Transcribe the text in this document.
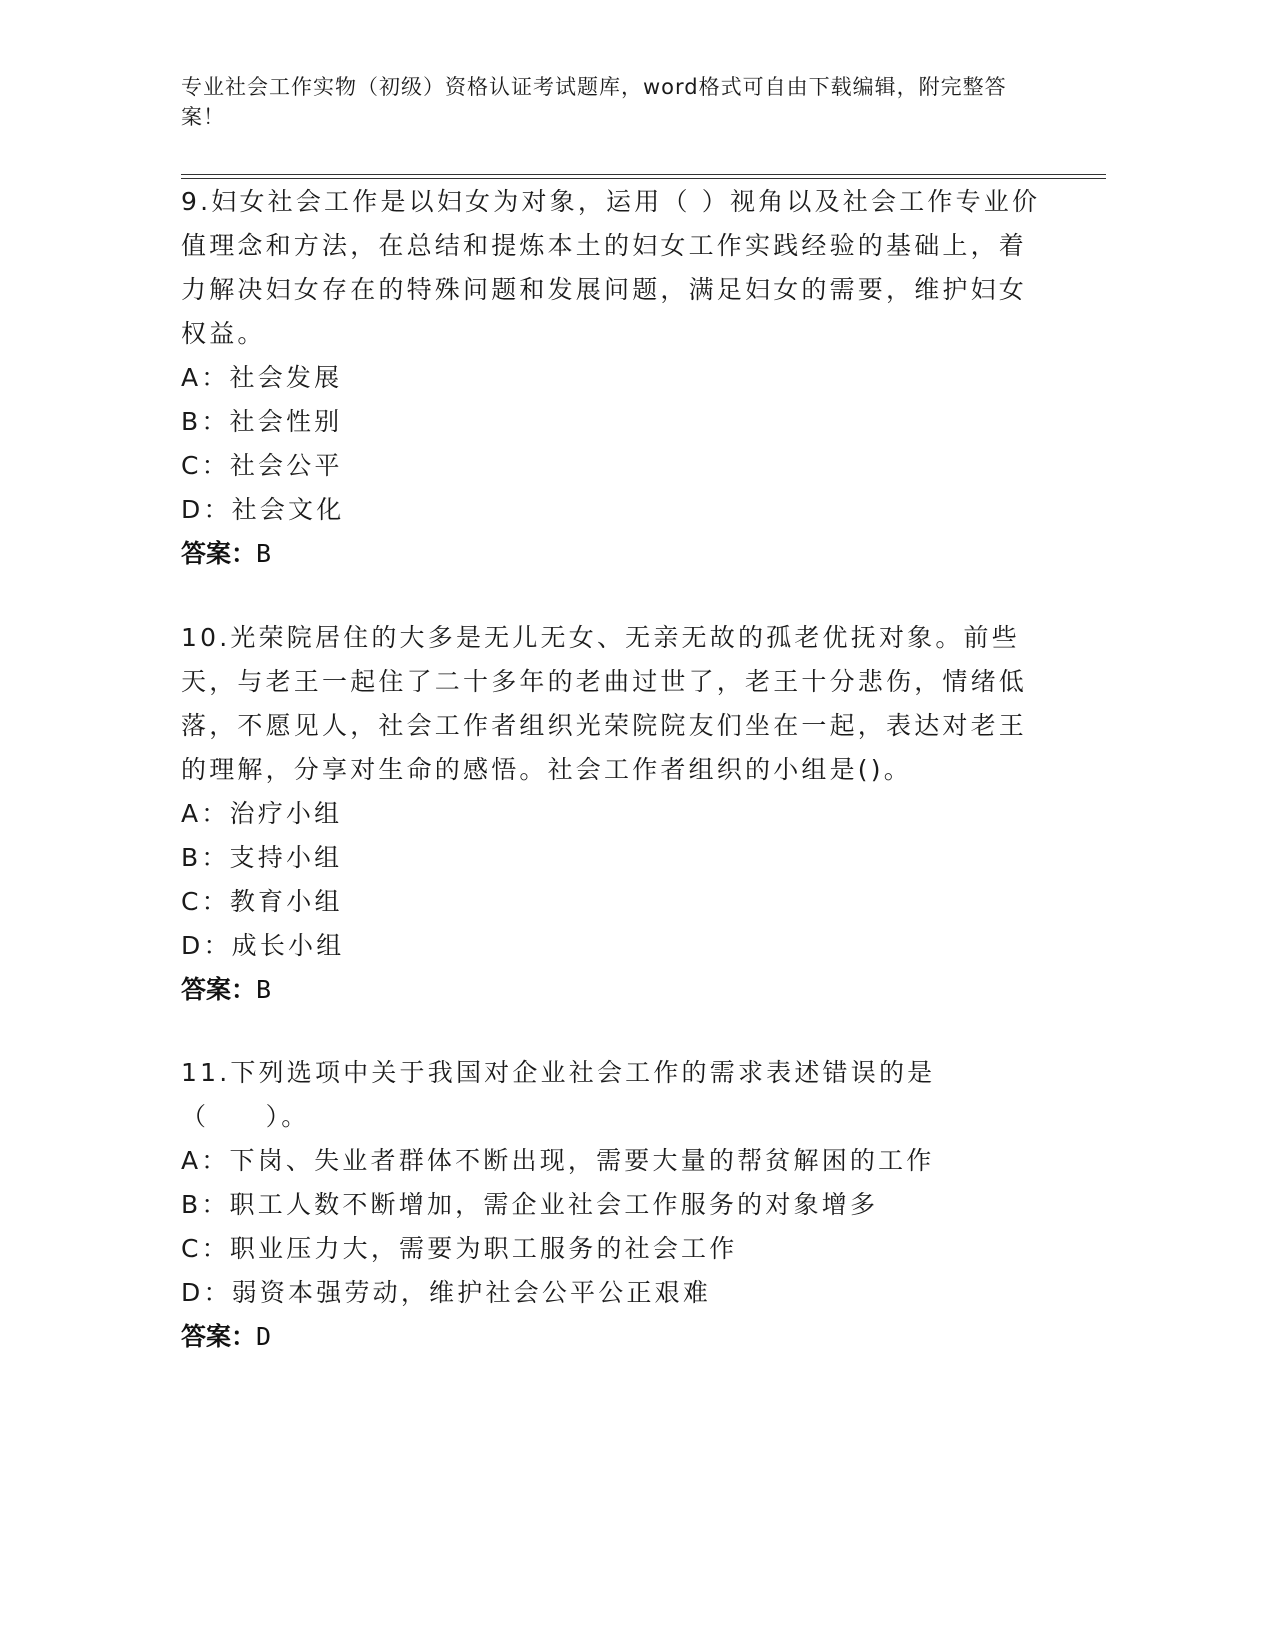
专业社会工作实物（初级）资格认证考试题库，word格式可自由下载编辑，附完整答案！

9.妇女社会工作是以妇女为对象，运用（ ）视角以及社会工作专业价值理念和方法，在总结和提炼本土的妇女工作实践经验的基础上，着力解决妇女存在的特殊问题和发展问题，满足妇女的需要，维护妇女权益。

A：社会发展

B：社会性别

C：社会公平

D：社会文化

答案：B

10.光荣院居住的大多是无儿无女、无亲无故的孤老优抚对象。前些天，与老王一起住了二十多年的老曲过世了，老王十分悲伤，情绪低落，不愿见人，社会工作者组织光荣院院友们坐在一起，表达对老王的理解，分享对生命的感悟。社会工作者组织的小组是()。

A：治疗小组

B：支持小组

C：教育小组

D：成长小组

答案：B

11.下列选项中关于我国对企业社会工作的需求表述错误的是（　　）。

A：下岗、失业者群体不断出现，需要大量的帮贫解困的工作

B：职工人数不断增加，需企业社会工作服务的对象增多

C：职业压力大，需要为职工服务的社会工作

D：弱资本强劳动，维护社会公平公正艰难

答案：D
